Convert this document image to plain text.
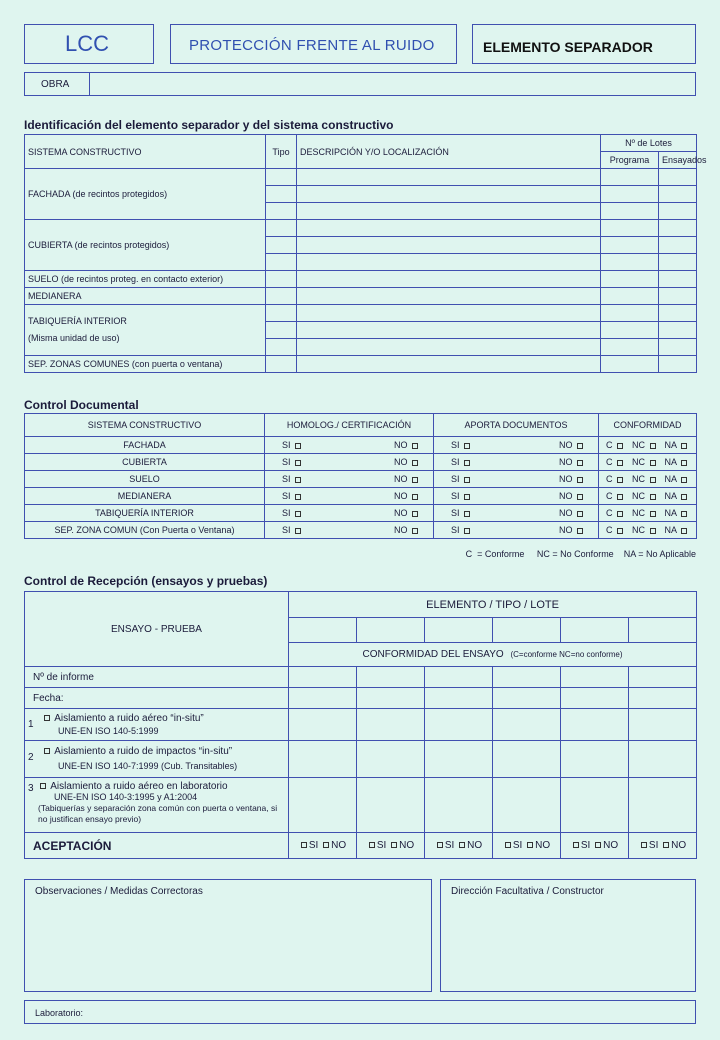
LCC	PROTECCIÓN FRENTE AL RUIDO	ELEMENTO SEPARADOR
OBRA
Identificación del elemento separador y del sistema constructivo
SISTEMA CONSTRUCTIVO	Tipo	DESCRIPCIÓN Y/O LOCALIZACIÓN	Nº de Lotes	
			Programa	Ensayados
FACHADA (de recintos protegidos)				

CUBIERTA (de recintos protegidos)				

SUELO (de recintos proteg. en contacto exterior)				
MEDIANERA				

TABIQUERÍA INTERIOR
(Misma unidad de uso)				

SEP. ZONAS COMUNES (con puerta o ventana)				
Control Documental
SISTEMA CONSTRUCTIVO	HOMOLOG./ CERTIFICACIÓN	APORTA DOCUMENTOS	CONFORMIDAD
FACHADA	SI NO	SI NO	C NC NA

CUBIERTA	SI NO	SI NO	C NC NA

SUELO	SI NO	SI NO	C NC NA

MEDIANERA	SI NO	SI NO	C NC NA

TABIQUERÍA INTERIOR	SI NO	SI NO	C NC NA

SEP. ZONA COMUN (Con Puerta o Ventana)	SI NO	SI NO	C NC NA
C  = Conforme     NC = No Conforme    NA = No Aplicable
Control de Recepción (ensayos y pruebas)
ENSAYO - PRUEBA	ELEMENTO / TIPO / LOTE					

	CONFORMIDAD DEL ENSAYO (C=conforme NC=no conforme)					
Nº de informe						
Fecha:						

1
Aislamiento a ruido aéreo “in-situ”
UNE-EN ISO 140-5:1999						

2
Aislamiento a ruido de impactos “in-situ”
UNE-EN ISO 140-7:1999 (Cub. Transitables)						

3 Aislamiento a ruido aéreo en laboratorio
UNE-EN ISO 140-3:1995 y A1:2004
(Tabiquerías y separación zona común con puerta o ventana, si no justifican ensayo previo)						

ACEPTACIÓN	SI NO	SI NO	SI NO	SI NO	SI NO	SI NO
Observaciones / Medidas Correctoras	Dirección Facultativa / Constructor
Laboratorio:
